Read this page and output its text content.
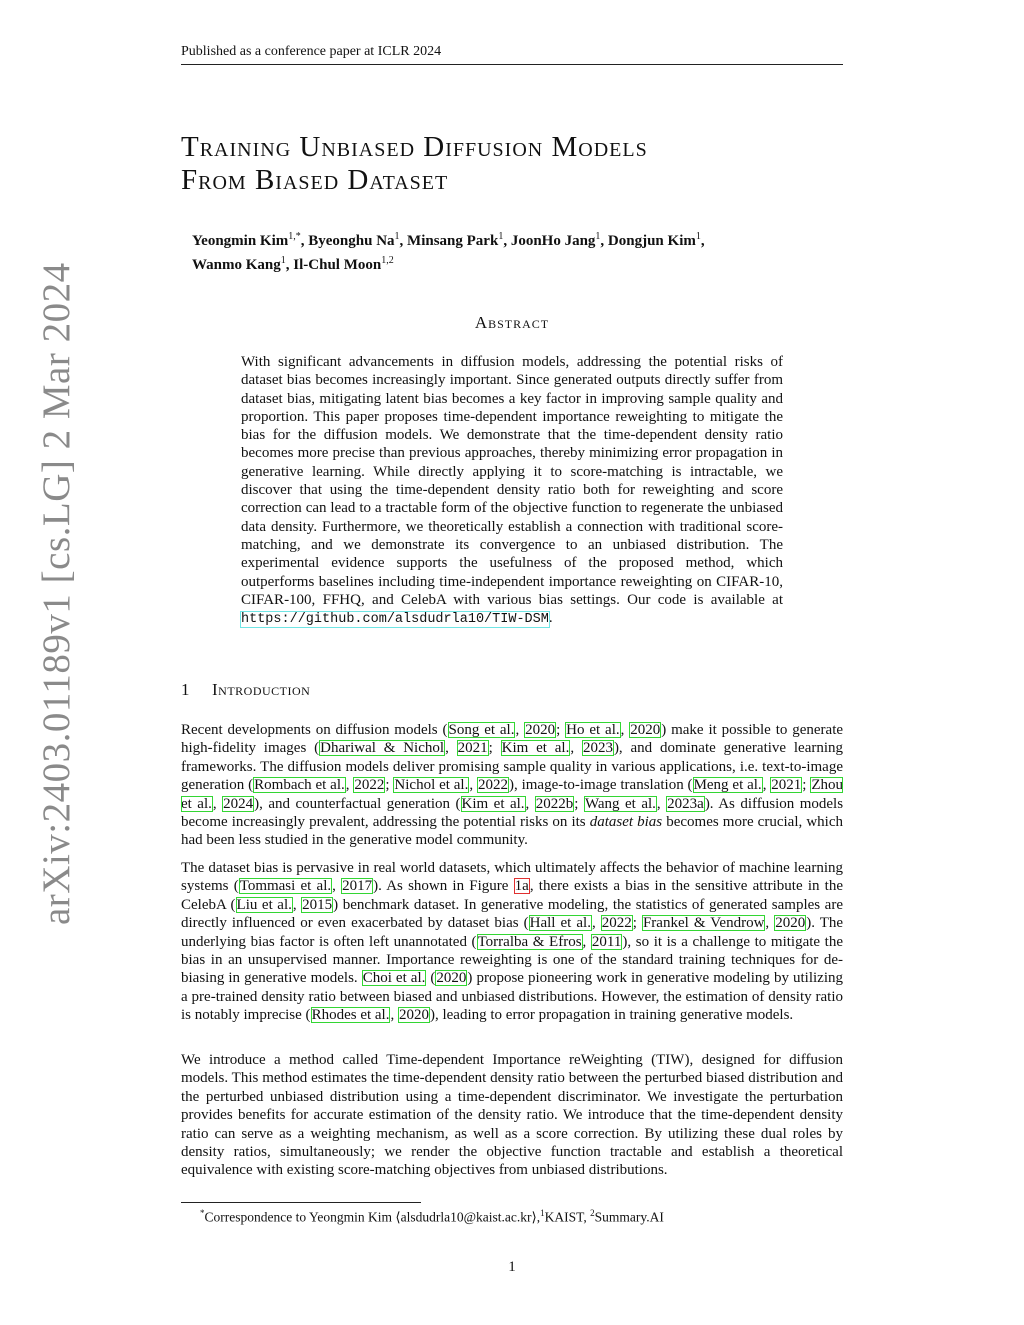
Published as a conference paper at ICLR 2024
arXiv:2403.01189v1 [cs.LG] 2 Mar 2024
Training Unbiased Diffusion Models
From Biased Dataset
Yeongmin Kim$^{1,*}$, Byeonghu Na$^1$, Minsang Park$^1$, JoonHo Jang$^1$, Dongjun Kim$^1$,
Wanmo Kang$^1$, Il-Chul Moon$^{1,2}$
Abstract
With significant advancements in diffusion models, addressing the potential risks of dataset bias becomes increasingly important. Since generated outputs directly suffer from dataset bias, mitigating latent bias becomes a key factor in improving sample quality and proportion. This paper proposes time-dependent importance reweighting to mitigate the bias for the diffusion models. We demonstrate that the time-dependent density ratio becomes more precise than previous approaches, thereby minimizing error propagation in generative learning. While directly applying it to score-matching is intractable, we discover that using the time-dependent density ratio both for reweighting and score correction can lead to a tractable form of the objective function to regenerate the unbiased data density. Furthermore, we theoretically establish a connection with traditional score-matching, and we demonstrate its convergence to an unbiased distribution. The experimental evidence supports the usefulness of the proposed method, which outperforms baselines including time-independent importance reweighting on CIFAR-10, CIFAR-100, FFHQ, and CelebA with various bias settings. Our code is available at https://github.com/alsdudrla10/TIW-DSM.
1 Introduction
Recent developments on diffusion models (Song et al., 2020; Ho et al., 2020) make it possible to generate high-fidelity images (Dhariwal & Nichol, 2021; Kim et al., 2023), and dominate generative learning frameworks. The diffusion models deliver promising sample quality in various applications, i.e. text-to-image generation (Rombach et al., 2022; Nichol et al., 2022), image-to-image translation (Meng et al., 2021; Zhou et al., 2024), and counterfactual generation (Kim et al., 2022b; Wang et al., 2023a). As diffusion models become increasingly prevalent, addressing the potential risks on its dataset bias becomes more crucial, which had been less studied in the generative model community.
The dataset bias is pervasive in real world datasets, which ultimately affects the behavior of machine learning systems (Tommasi et al., 2017). As shown in Figure 1a, there exists a bias in the sensitive attribute in the CelebA (Liu et al., 2015) benchmark dataset. In generative modeling, the statistics of generated samples are directly influenced or even exacerbated by dataset bias (Hall et al., 2022; Frankel & Vendrow, 2020). The underlying bias factor is often left unannotated (Torralba & Efros, 2011), so it is a challenge to mitigate the bias in an unsupervised manner. Importance reweighting is one of the standard training techniques for de-biasing in generative models. Choi et al. (2020) propose pioneering work in generative modeling by utilizing a pre-trained density ratio between biased and unbiased distributions. However, the estimation of density ratio is notably imprecise (Rhodes et al., 2020), leading to error propagation in training generative models.
We introduce a method called Time-dependent Importance reWeighting (TIW), designed for diffusion models. This method estimates the time-dependent density ratio between the perturbed biased distribution and the perturbed unbiased distribution using a time-dependent discriminator. We investigate the perturbation provides benefits for accurate estimation of the density ratio. We introduce that the time-dependent density ratio can serve as a weighting mechanism, as well as a score correction. By utilizing these dual roles by density ratios, simultaneously; we render the objective function tractable and establish a theoretical equivalence with existing score-matching objectives from unbiased distributions.
*Correspondence to Yeongmin Kim ⟨alsdudrla10@kaist.ac.kr⟩,$^1$KAIST, $^2$Summary.AI
1
